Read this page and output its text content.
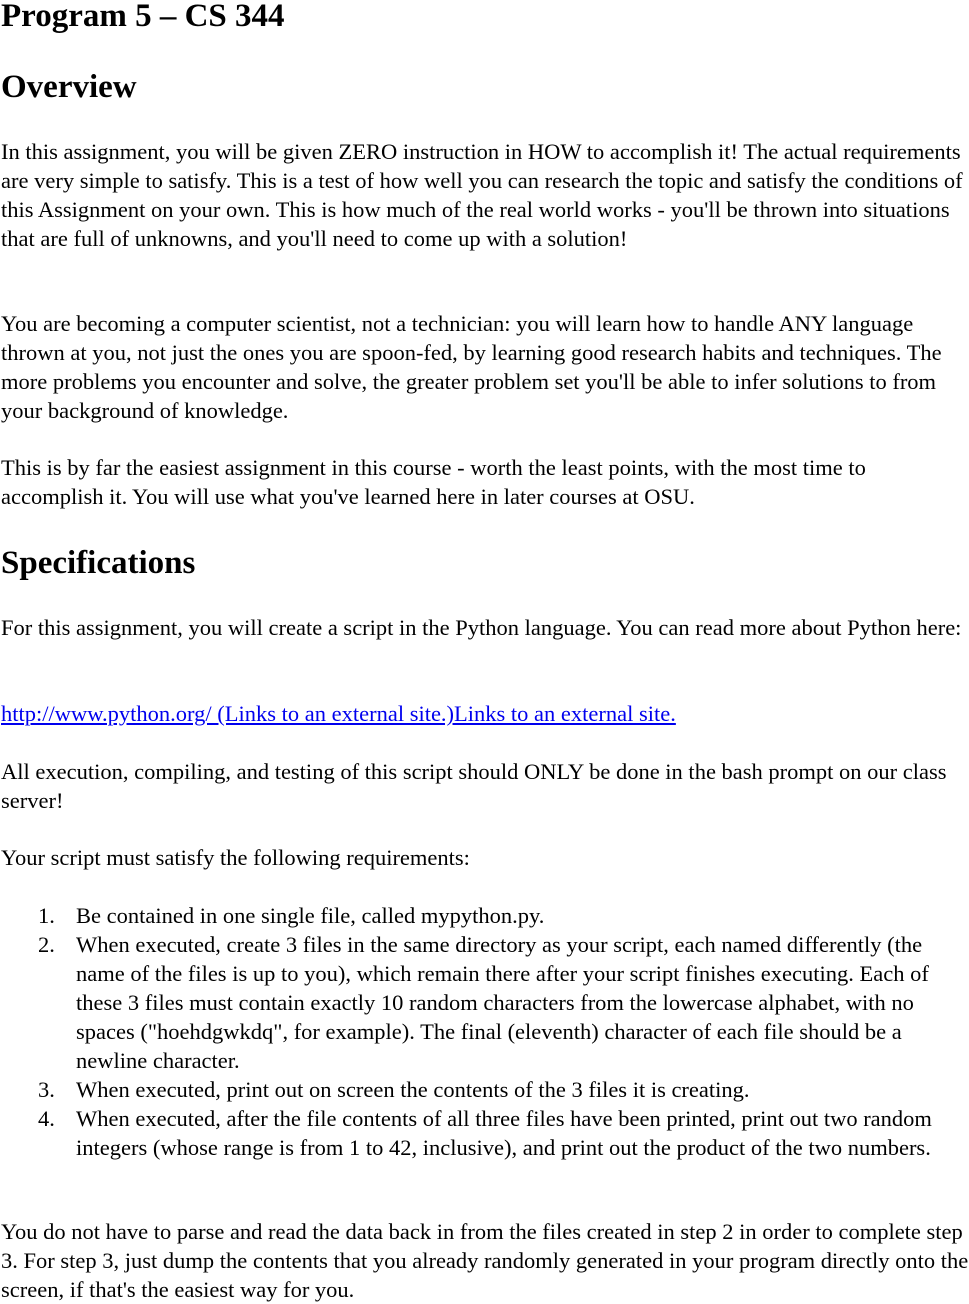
Program 5 – CS 344
Overview

In this assignment, you will be given ZERO instruction in HOW to accomplish it! The actual requirements are very simple to satisfy. This is a test of how well you can research the topic and satisfy the conditions of this Assignment on your own. This is how much of the real world works - you'll be thrown into situations that are full of unknowns, and you'll need to come up with a solution!

You are becoming a computer scientist, not a technician: you will learn how to handle ANY language thrown at you, not just the ones you are spoon-fed, by learning good research habits and techniques. The more problems you encounter and solve, the greater problem set you'll be able to infer solutions to from your background of knowledge.

This is by far the easiest assignment in this course - worth the least points, with the most time to accomplish it. You will use what you've learned here in later courses at OSU.

Specifications

For this assignment, you will create a script in the Python language. You can read more about Python here:

http://www.python.org/ (Links to an external site.)Links to an external site.

All execution, compiling, and testing of this script should ONLY be done in the bash prompt on our class server!

Your script must satisfy the following requirements:

1. Be contained in one single file, called mypython.py.
2. When executed, create 3 files in the same directory as your script, each named differently (the name of the files is up to you), which remain there after your script finishes executing. Each of these 3 files must contain exactly 10 random characters from the lowercase alphabet, with no spaces ("hoehdgwkdq", for example). The final (eleventh) character of each file should be a newline character.
3. When executed, print out on screen the contents of the 3 files it is creating.
4. When executed, after the file contents of all three files have been printed, print out two random integers (whose range is from 1 to 42, inclusive), and print out the product of the two numbers.

You do not have to parse and read the data back in from the files created in step 2 in order to complete step 3. For step 3, just dump the contents that you already randomly generated in your program directly onto the screen, if that's the easiest way for you.
